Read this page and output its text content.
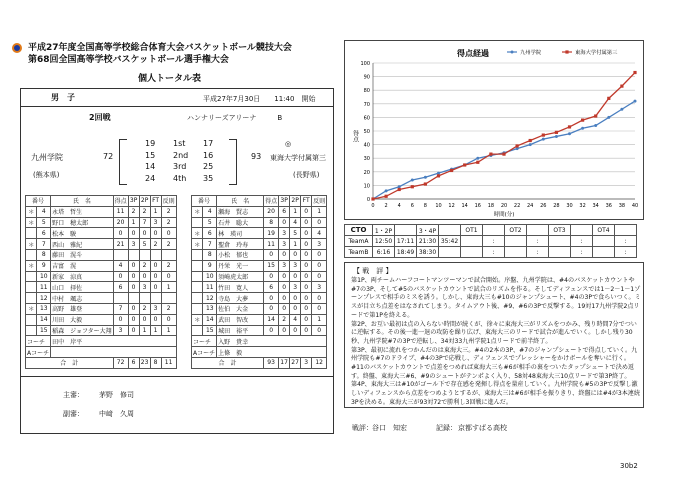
平成27年度全国高等学校総合体育大会バスケットボール競技大会
第68回全国高等学校バスケットボール選手権大会
個人トータル表
男　子	平成27年7月30日　　11:40　開始
2回戦	ハンナリーズアリーナ　　　B
19 1st 17
15 2nd 16
14 3rd 25
24 4th 35
九州学院
(熊本県)
72
◎
93 東海大学付属第三
(長野県)
番号		氏　名	得点	3P	2P	FT	反則
＊	4	永塔　哲生	11	2	2	1	2
＊	5	野口　穂太郎	20	1	7	3	2
	6	松本　駿	0	0	0	0	0
＊	7	西山　雅紀	21	3	5	2	2
	8	藤田　滉斗					
＊	9	吉富　滉	4	0	2	0	2
	10	新家　涼真	0	0	0	0	0
	11	山口　拝佐	6	0	3	0	1
	12	中村　颯志					
＊	13	高野　雄登	7	0	2	3	2
	14	川田　大毅	0	0	0	0	0
	15	稲森　ジョフター大翔	3	0	1	1	1
コーチ		田中　岸平					
Aコーチ							
合　計			72	6	23	8	11
番号		氏　名	得点	3P	2P	FT	反則
＊	4	瀬海　賢志	20	6	1	0	1
	5	石井　聡大	8	0	4	0	0
＊	6	林　瑛司	19	3	5	0	4
＊	7	聖倉　玲寿	11	3	1	0	3
	8	小松　郁也	0	0	0	0	0
	9	丹栄　光一	15	3	3	0	0
	10	須崎虎太郎	0	0	0	0	0
	11	竹田　寛人	6	0	3	0	3
	12	寺島　大夢	0	0	0	0	0
	13	佐伯　大金	0	0	0	0	0
＊	14	武田　智改	14	2	4	0	1
	15	城田　裕平	0	0	0	0	0
コーチ		入野　貴幸					
Aコーチ		上條　毅					
合　計			93	17	27	3	12
主審： 茅野　修司
副審： 中﨑　久周
得点経過
0
10
20
30
40
50
60
70
80
90
100
0 2 4 6 8 10 12 14 16 18 20 22 24 26 28 30 32 34 36 38 40
時間(分)
得点
九州学院	東海大学付属第三
CTO	1・2P		3・4P		OT1		OT2		OT3		OT4	
TeamA	12:50	17:11	21:30	35:42		:		:		:		:
TeamB	6:16	18:49	38:30			:		:		:		:
【 戦　評 】

第1P、両チームハーフコートマンツーマンで試合開始。序盤、九州学院は、#4のバスケットカウントや#7の3P、そして#5のバスケットカウントで試合のリズムを作る。そしてディフェンスでは1－2－1－1ゾーンプレスで相手のミスを誘う。しかし、東海大三も#10のジャンプシュート、#4の3Pで食らいつく。ミスが目立ち点差をはなされてしまう。タイムアウト後、#9、#6の3Pで反撃する。19対17九州学院2点リードで第1Pを終える。

第2P、お互い最初は点の入らない時間が続くが、徐々に東海大三がリズムをつかみ、残り時間7分でついに逆転する。その後一進一退の攻防を繰り広げ、東海大三のリードで試合が進んでいく。しかし残り30秒、九州学院#7の3Pで逆転し、34対33九州学院1点リードで前半終了。

第3P、最初に流れをつかんだのは東海大三。#4の2本の3P、#7のジャンプシュートで得点していく。九州学院も#7のドライブ、#4の3Pで応戦し、ディフェンスでプレッシャーをかけボールを奪いに行く。#11のバスケットカウントで点差をつめれば東海大三も#6が相手の裏をついたタップシュートで決め返す。終盤、東海大三#6、#9のシュートがテンポよく入り、58対48東海大三10点リードで第3P終了。

第4P、東海大三は#10がゴール下で存在感を発揮し得点を量産していく。九州学院も#5の3Pで反撃し激しいディフェンスから点差をつめようとするが、東海大三は#6が相手を振りきり、終盤には#4が3本連続3Pを決める。東海大三が93対72で勝利し3回戦に進んだ。

戦評： 谷口　知宏	記録： 京都すばる高校
30b2
